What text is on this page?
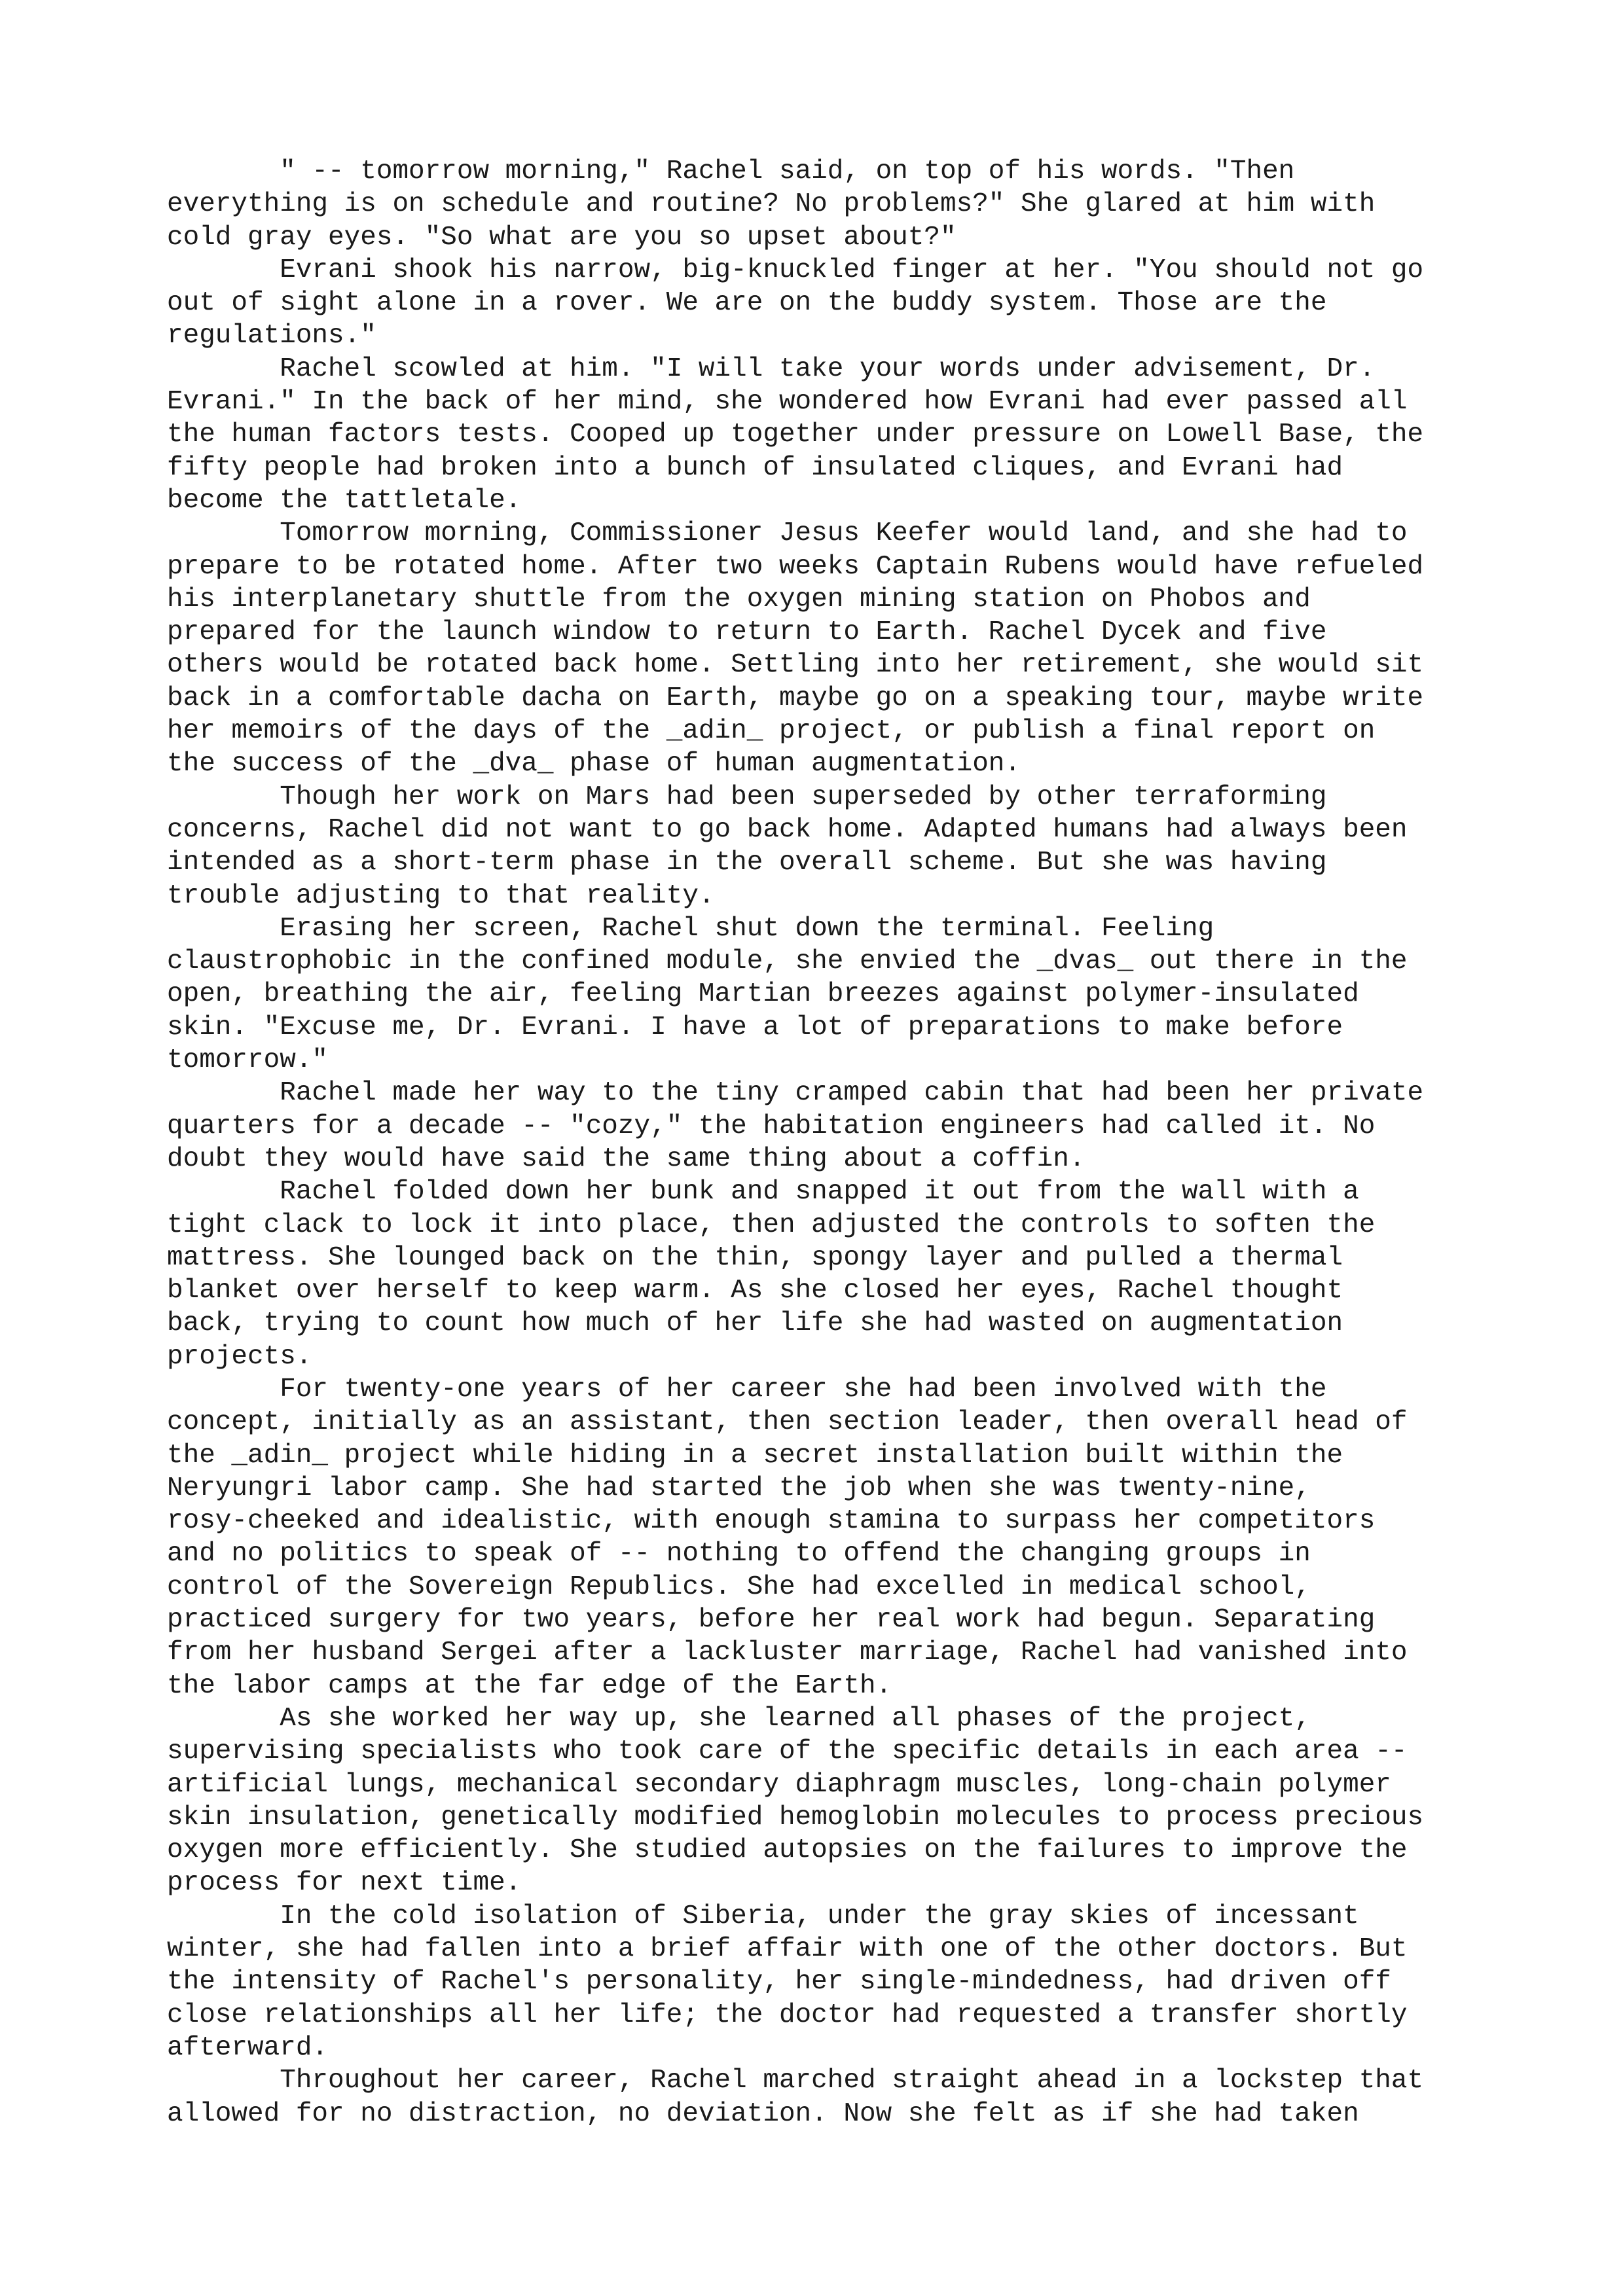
" -- tomorrow morning," Rachel said, on top of his words. "Then
everything is on schedule and routine? No problems?" She glared at him with
cold gray eyes. "So what are you so upset about?"
Evrani shook his narrow, big-knuckled finger at her. "You should not go
out of sight alone in a rover. We are on the buddy system. Those are the
regulations."
Rachel scowled at him. "I will take your words under advisement, Dr.
Evrani." In the back of her mind, she wondered how Evrani had ever passed all
the human factors tests. Cooped up together under pressure on Lowell Base, the
fifty people had broken into a bunch of insulated cliques, and Evrani had
become the tattletale.
Tomorrow morning, Commissioner Jesus Keefer would land, and she had to
prepare to be rotated home. After two weeks Captain Rubens would have refueled
his interplanetary shuttle from the oxygen mining station on Phobos and
prepared for the launch window to return to Earth. Rachel Dycek and five
others would be rotated back home. Settling into her retirement, she would sit
back in a comfortable dacha on Earth, maybe go on a speaking tour, maybe write
her memoirs of the days of the _adin_ project, or publish a final report on
the success of the _dva_ phase of human augmentation.
Though her work on Mars had been superseded by other terraforming
concerns, Rachel did not want to go back home. Adapted humans had always been
intended as a short-term phase in the overall scheme. But she was having
trouble adjusting to that reality.
Erasing her screen, Rachel shut down the terminal. Feeling
claustrophobic in the confined module, she envied the _dvas_ out there in the
open, breathing the air, feeling Martian breezes against polymer-insulated
skin. "Excuse me, Dr. Evrani. I have a lot of preparations to make before
tomorrow."
Rachel made her way to the tiny cramped cabin that had been her private
quarters for a decade -- "cozy," the habitation engineers had called it. No
doubt they would have said the same thing about a coffin.
Rachel folded down her bunk and snapped it out from the wall with a
tight clack to lock it into place, then adjusted the controls to soften the
mattress. She lounged back on the thin, spongy layer and pulled a thermal
blanket over herself to keep warm. As she closed her eyes, Rachel thought
back, trying to count how much of her life she had wasted on augmentation
projects.
For twenty-one years of her career she had been involved with the
concept, initially as an assistant, then section leader, then overall head of
the _adin_ project while hiding in a secret installation built within the
Neryungri labor camp. She had started the job when she was twenty-nine,
rosy-cheeked and idealistic, with enough stamina to surpass her competitors
and no politics to speak of -- nothing to offend the changing groups in
control of the Sovereign Republics. She had excelled in medical school,
practiced surgery for two years, before her real work had begun. Separating
from her husband Sergei after a lackluster marriage, Rachel had vanished into
the labor camps at the far edge of the Earth.
As she worked her way up, she learned all phases of the project,
supervising specialists who took care of the specific details in each area --
artificial lungs, mechanical secondary diaphragm muscles, long-chain polymer
skin insulation, genetically modified hemoglobin molecules to process precious
oxygen more efficiently. She studied autopsies on the failures to improve the
process for next time.
In the cold isolation of Siberia, under the gray skies of incessant
winter, she had fallen into a brief affair with one of the other doctors. But
the intensity of Rachel's personality, her single-mindedness, had driven off
close relationships all her life; the doctor had requested a transfer shortly
afterward.
Throughout her career, Rachel marched straight ahead in a lockstep that
allowed for no distraction, no deviation. Now she felt as if she had taken
